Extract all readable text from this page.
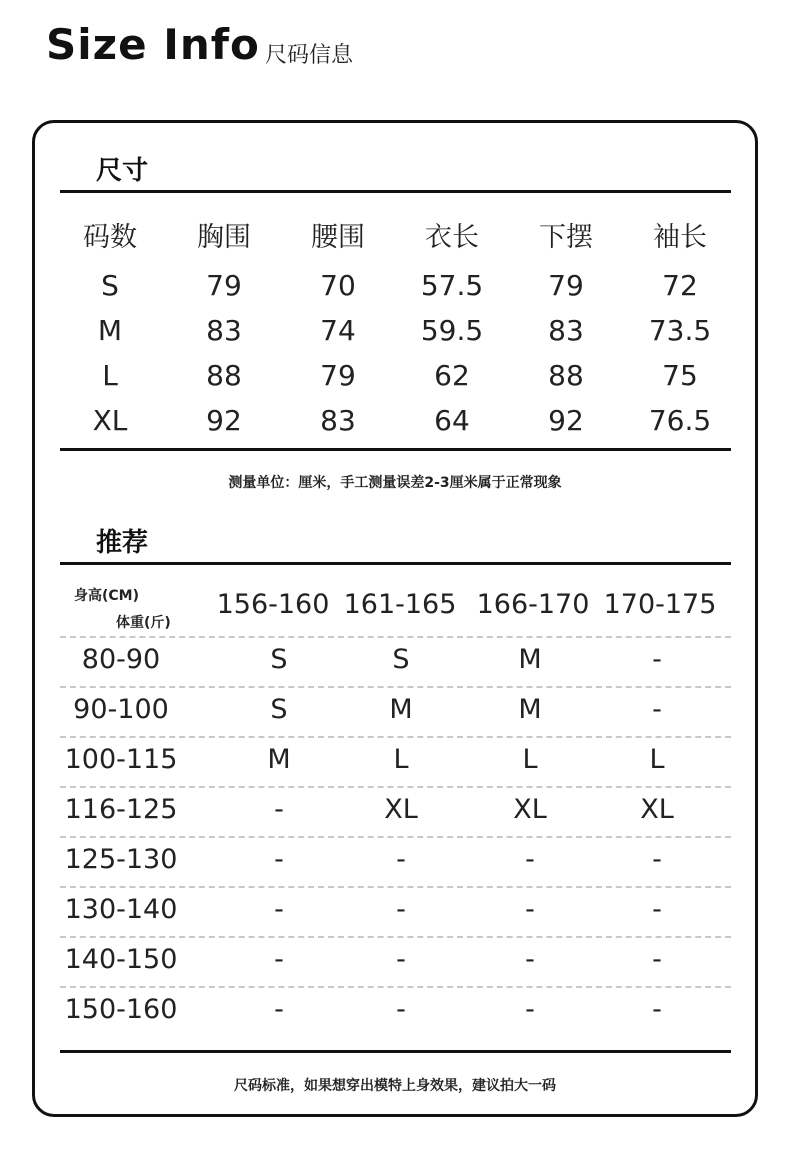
Size Info 尺码信息
尺寸
码数	胸围	腰围	衣长	下摆	袖长
S	79	70	57.5	79	72
M	83	74	59.5	83	73.5
L	88	79	62	88	75
XL	92	83	64	92	76.5
测量单位：厘米，手工测量误差2-3厘米属于正常现象
推荐
身高(CM)
体重(斤)
156-160 161-165 166-170 170-175
80-90	S	S	M	-
90-100	S	M	M	-
100-115	M	L	L	L
116-125	-	XL	XL	XL
125-130	-	-	-	-
130-140	-	-	-	-
140-150	-	-	-	-
150-160	-	-	-	-
尺码标准，如果想穿出模特上身效果，建议拍大一码
